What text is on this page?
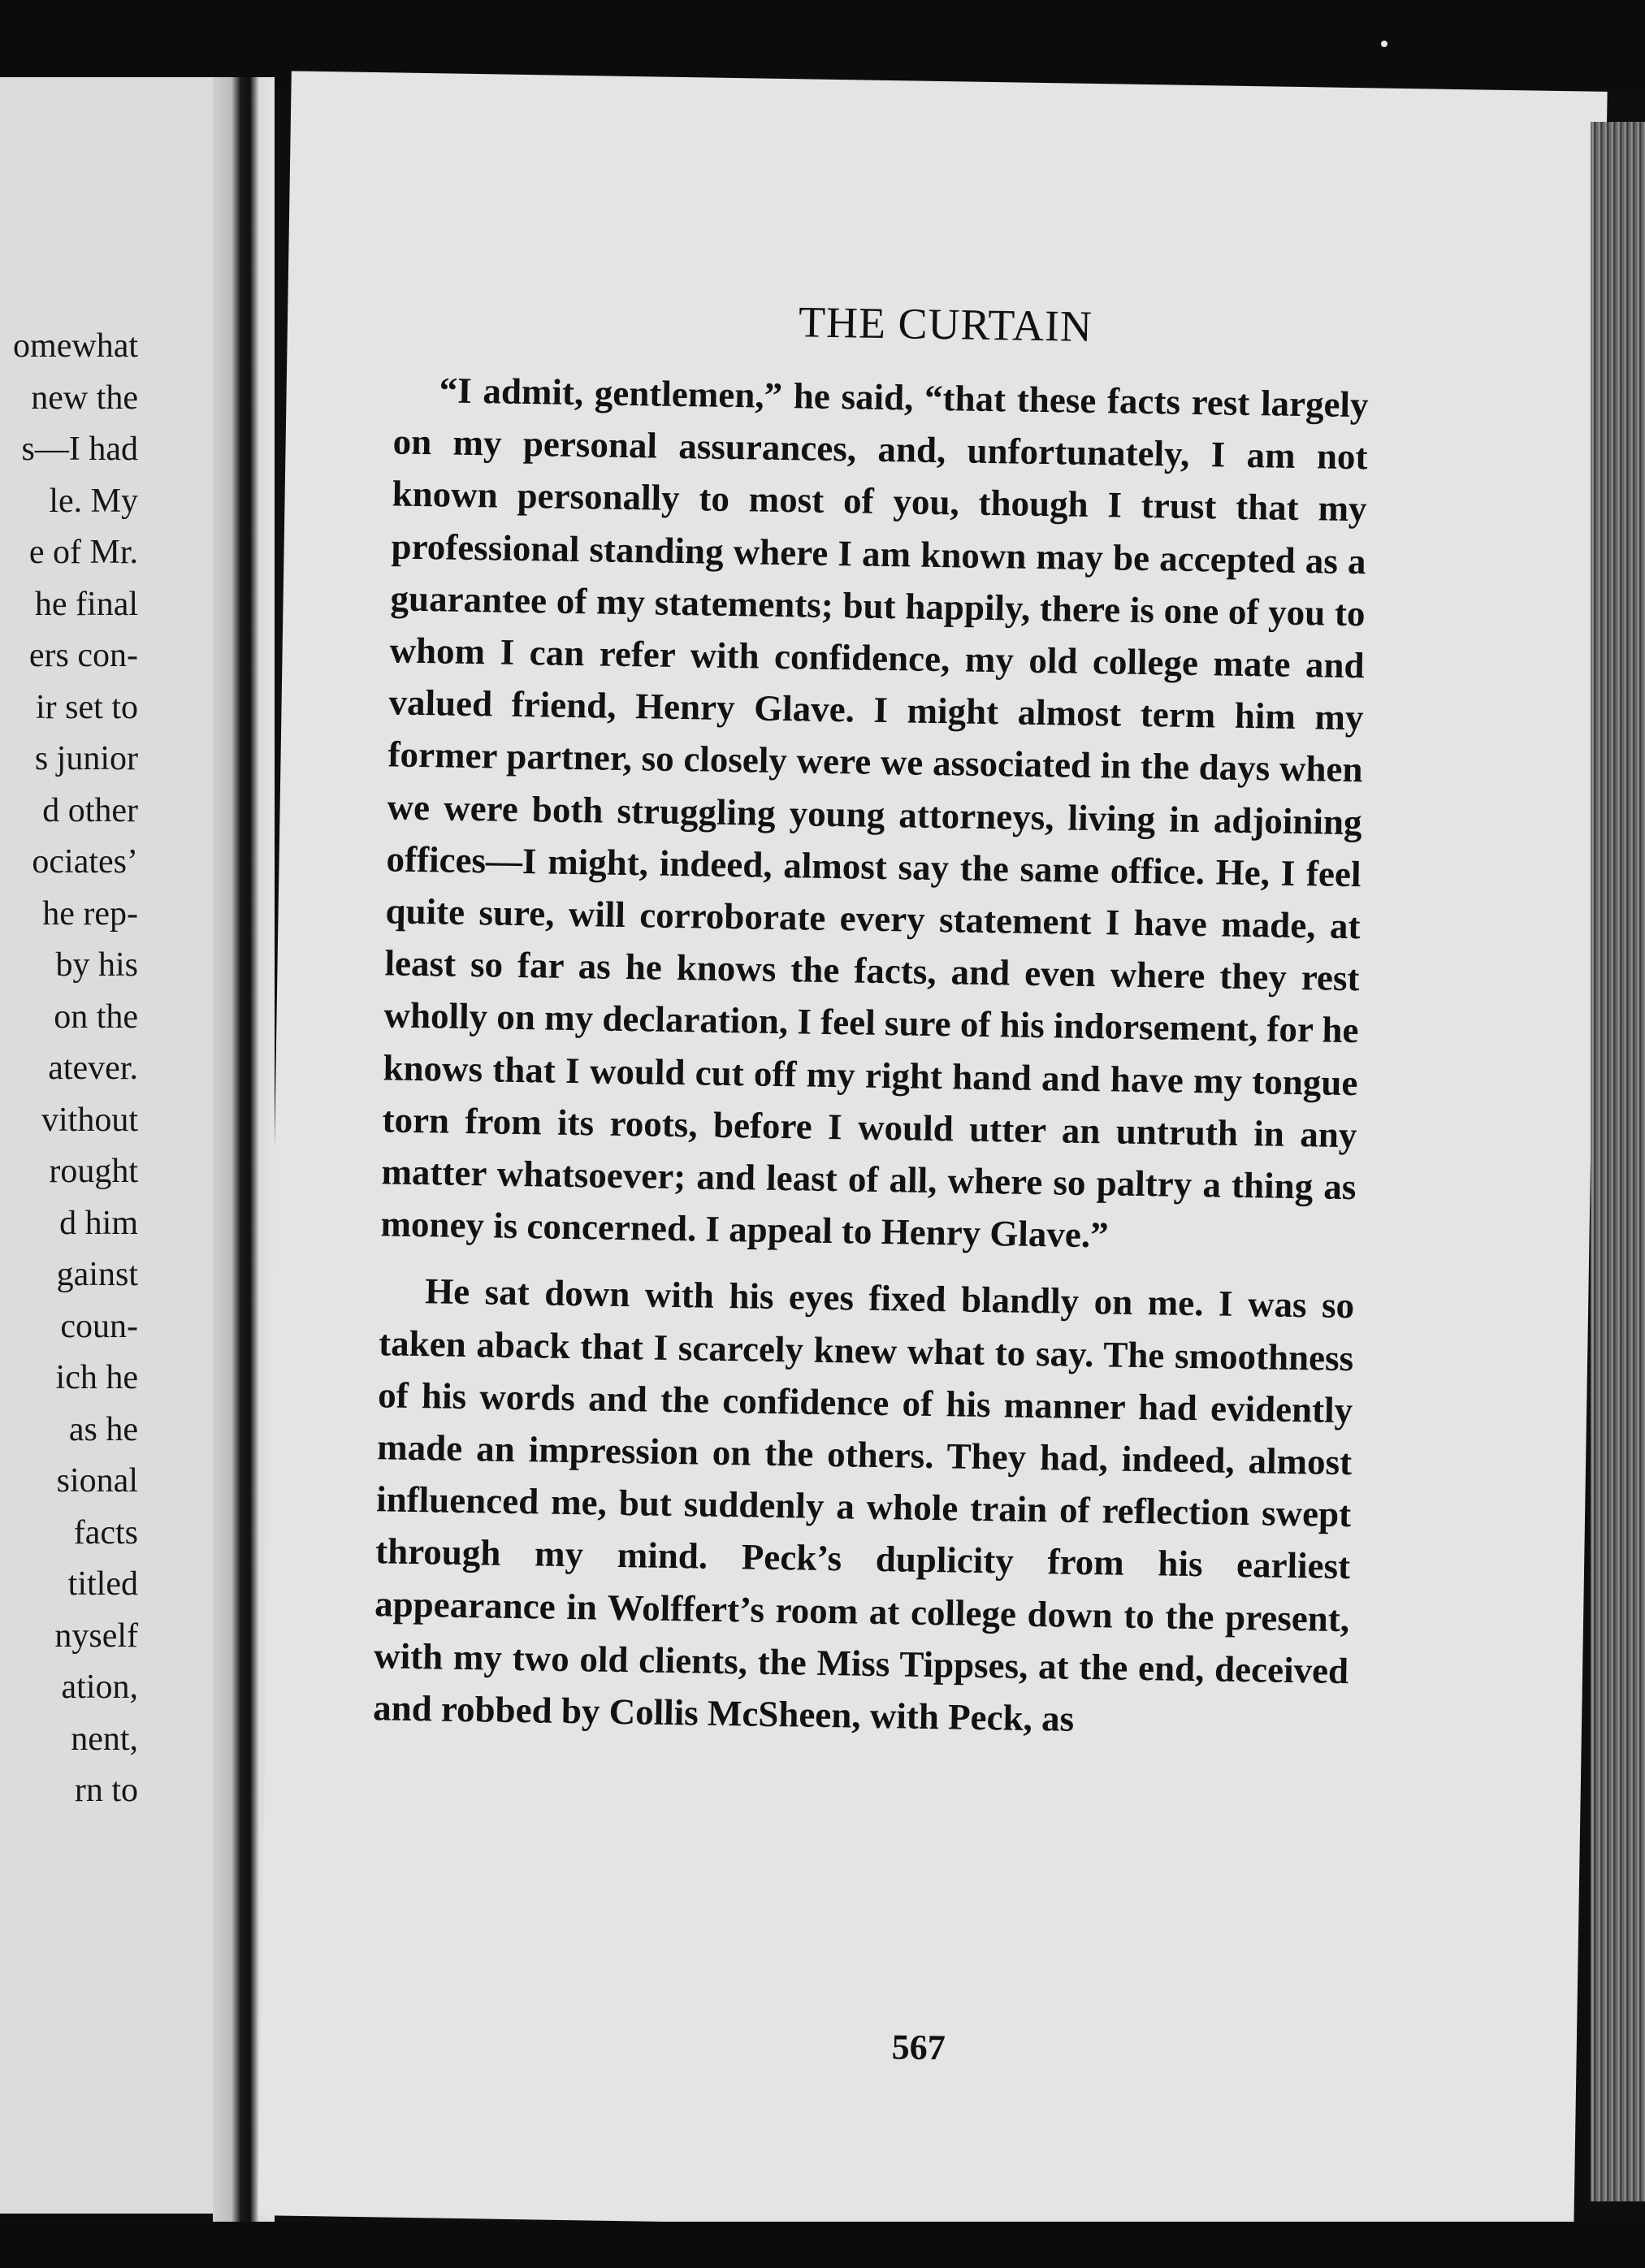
omewhat
new the
s—I had
le. My
e of Mr.
he final
ers con-
ir set to
s junior
d other
ociates’
he rep-
by his
on the
atever.
vithout
rought
d him
gainst
coun-
ich he
as he
sional
facts
titled
nyself
ation,
nent,
rn to
THE CURTAIN

“I admit, gentlemen,” he said, “that these facts rest largely on my personal assurances, and, unfortunately, I am not known personally to most of you, though I trust that my professional standing where I am known may be accepted as a guarantee of my statements; but happily, there is one of you to whom I can refer with confidence, my old college mate and valued friend, Henry Glave. I might almost term him my former partner, so closely were we associated in the days when we were both struggling young attorneys, living in adjoining offices—I might, indeed, almost say the same office. He, I feel quite sure, will corroborate every statement I have made, at least so far as he knows the facts, and even where they rest wholly on my declaration, I feel sure of his indorsement, for he knows that I would cut off my right hand and have my tongue torn from its roots, before I would utter an untruth in any matter whatsoever; and least of all, where so paltry a thing as money is concerned. I appeal to Henry Glave.”

He sat down with his eyes fixed blandly on me. I was so taken aback that I scarcely knew what to say. The smoothness of his words and the confidence of his manner had evidently made an impression on the others. They had, indeed, almost influenced me, but suddenly a whole train of reflection swept through my mind. Peck’s duplicity from his earliest appearance in Wolffert’s room at college down to the present, with my two old clients, the Miss Tippses, at the end, deceived and robbed by Collis McSheen, with Peck, as

567
